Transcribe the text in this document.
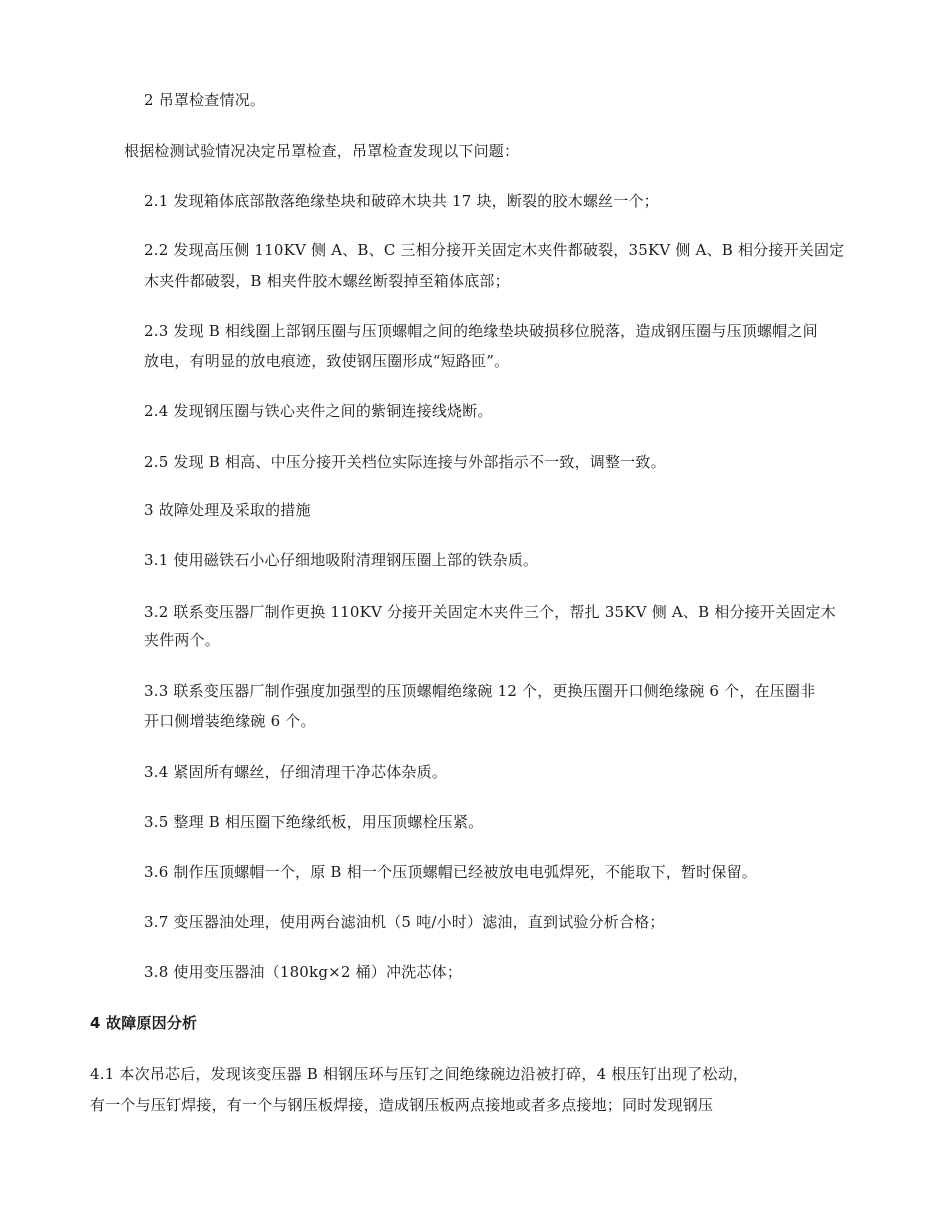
2 吊罩检查情况。
根据检测试验情况决定吊罩检查，吊罩检查发现以下问题：
2.1 发现箱体底部散落绝缘垫块和破碎木块共 17 块，断裂的胶木螺丝一个；
2.2 发现高压侧 110KV 侧 A、B、C 三相分接开关固定木夹件都破裂，35KV 侧 A、B 相分接开关固定
木夹件都破裂，B 相夹件胶木螺丝断裂掉至箱体底部；
2.3 发现 B 相线圈上部钢压圈与压顶螺帽之间的绝缘垫块破损移位脱落，造成钢压圈与压顶螺帽之间
放电，有明显的放电痕迹，致使钢压圈形成“短路匝”。
2.4 发现钢压圈与铁心夹件之间的紫铜连接线烧断。
2.5 发现 B 相高、中压分接开关档位实际连接与外部指示不一致，调整一致。
3 故障处理及采取的措施
3.1 使用磁铁石小心仔细地吸附清理钢压圈上部的铁杂质。
3.2 联系变压器厂制作更换 110KV 分接开关固定木夹件三个，帮扎 35KV 侧 A、B 相分接开关固定木
夹件两个。
3.3 联系变压器厂制作强度加强型的压顶螺帽绝缘碗 12 个，更换压圈开口侧绝缘碗 6 个，在压圈非
开口侧增装绝缘碗 6 个。
3.4 紧固所有螺丝，仔细清理干净芯体杂质。
3.5 整理 B 相压圈下绝缘纸板，用压顶螺栓压紧。
3.6 制作压顶螺帽一个，原 B 相一个压顶螺帽已经被放电电弧焊死，不能取下，暂时保留。
3.7 变压器油处理，使用两台滤油机（5 吨/小时）滤油，直到试验分析合格；
3.8 使用变压器油（180kg×2 桶）冲洗芯体；
4 故障原因分析
4.1 本次吊芯后，发现该变压器 B 相钢压环与压钉之间绝缘碗边沿被打碎，4 根压钉出现了松动，
有一个与压钉焊接，有一个与钢压板焊接，造成钢压板两点接地或者多点接地；同时发现钢压
